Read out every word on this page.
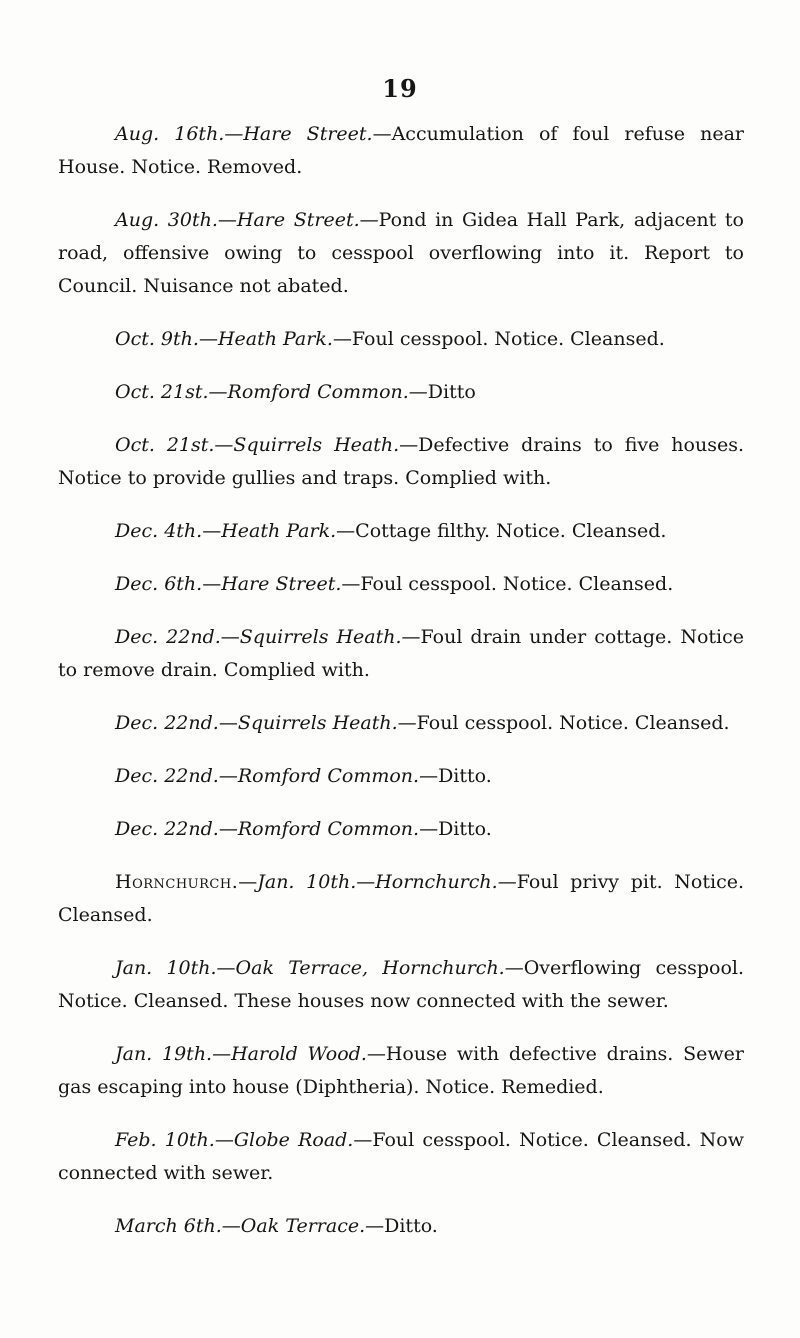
19

Aug. 16th.—Hare Street.—Accumulation of foul refuse near House. Notice. Removed.

Aug. 30th.—Hare Street.—Pond in Gidea Hall Park, adjacent to road, offensive owing to cesspool overflowing into it. Report to Council. Nuisance not abated.

Oct. 9th.—Heath Park.—Foul cesspool. Notice. Cleansed.

Oct. 21st.—Romford Common.—Ditto

Oct. 21st.—Squirrels Heath.—Defective drains to five houses. Notice to provide gullies and traps. Complied with.

Dec. 4th.—Heath Park.—Cottage filthy. Notice. Cleansed.

Dec. 6th.—Hare Street.—Foul cesspool. Notice. Cleansed.

Dec. 22nd.—Squirrels Heath.—Foul drain under cottage. Notice to remove drain. Complied with.

Dec. 22nd.—Squirrels Heath.—Foul cesspool. Notice. Cleansed.

Dec. 22nd.—Romford Common.—Ditto.

Dec. 22nd.—Romford Common.—Ditto.

Hornchurch.—Jan. 10th.—Hornchurch.—Foul privy pit. Notice. Cleansed.

Jan. 10th.—Oak Terrace, Hornchurch.—Overflowing cesspool. Notice. Cleansed. These houses now connected with the sewer.

Jan. 19th.—Harold Wood.—House with defective drains. Sewer gas escaping into house (Diphtheria). Notice. Remedied.

Feb. 10th.—Globe Road.—Foul cesspool. Notice. Cleansed. Now connected with sewer.

March 6th.—Oak Terrace.—Ditto.
